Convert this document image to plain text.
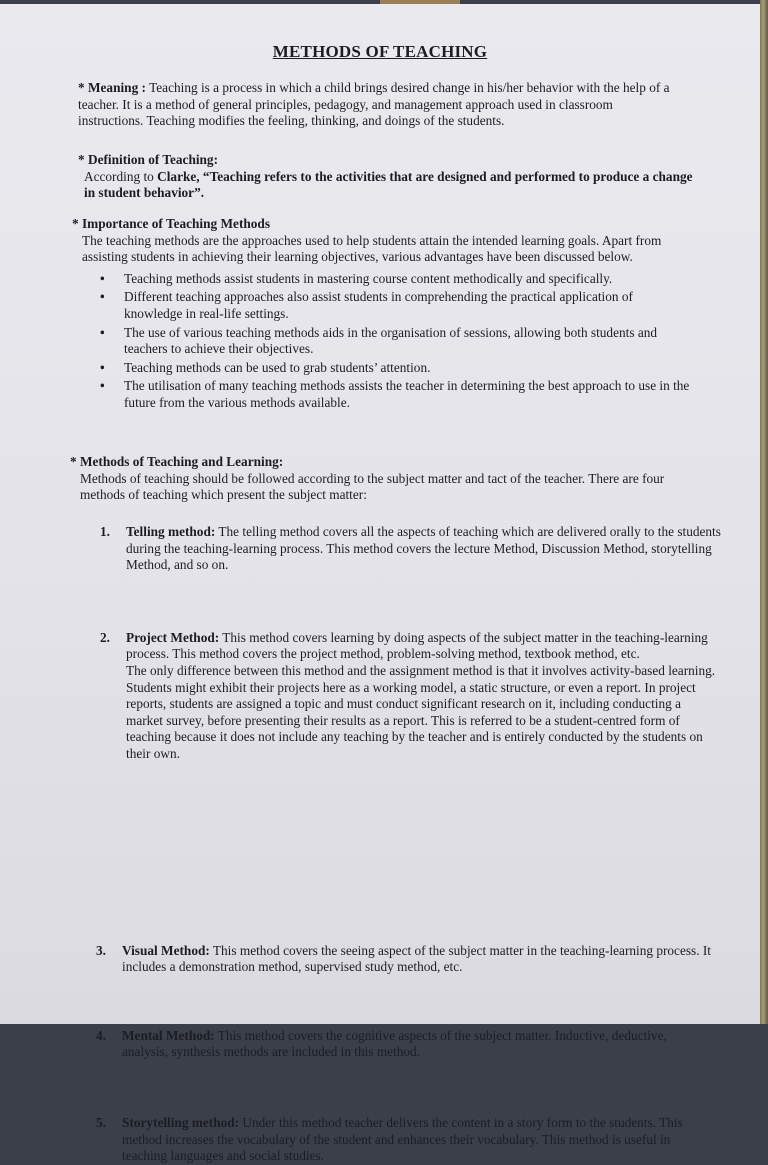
METHODS OF TEACHING

* Meaning : Teaching is a process in which a child brings desired change in his/her behavior with the help of a teacher. It is a method of general principles, pedagogy, and management approach used in classroom instructions. Teaching modifies the feeling, thinking, and doings of the students.

* Definition of Teaching:

According to Clarke, “Teaching refers to the activities that are designed and performed to produce a change in student behavior”.

* Importance of Teaching Methods

The teaching methods are the approaches used to help students attain the intended learning goals. Apart from assisting students in achieving their learning objectives, various advantages have been discussed below.

• Teaching methods assist students in mastering course content methodically and specifically.
• Different teaching approaches also assist students in comprehending the practical application of knowledge in real-life settings.
• The use of various teaching methods aids in the organisation of sessions, allowing both students and teachers to achieve their objectives.
• Teaching methods can be used to grab students’ attention.
• The utilisation of many teaching methods assists the teacher in determining the best approach to use in the future from the various methods available.

* Methods of Teaching and Learning:

Methods of teaching should be followed according to the subject matter and tact of the teacher. There are four methods of teaching which present the subject matter:

1. Telling method: The telling method covers all the aspects of teaching which are delivered orally to the students during the teaching-learning process. This method covers the lecture Method, Discussion Method, storytelling Method, and so on.
2. Project Method: This method covers learning by doing aspects of the subject matter in the teaching-learning process. This method covers the project method, problem-solving method, textbook method, etc.

The only difference between this method and the assignment method is that it involves activity-based learning. Students might exhibit their projects here as a working model, a static structure, or even a report. In project reports, students are assigned a topic and must conduct significant research on it, including conducting a market survey, before presenting their results as a report. This is referred to be a student-centred form of teaching because it does not include any teaching by the teacher and is entirely conducted by the students on their own.

3. Visual Method: This method covers the seeing aspect of the subject matter in the teaching-learning process. It includes a demonstration method, supervised study method, etc.
4. Mental Method: This method covers the cognitive aspects of the subject matter. Inductive, deductive, analysis, synthesis methods are included in this method.
5. Storytelling method: Under this method teacher delivers the content in a story form to the students. This method increases the vocabulary of the student and enhances their vocabulary. This method is useful in teaching languages and social studies.
